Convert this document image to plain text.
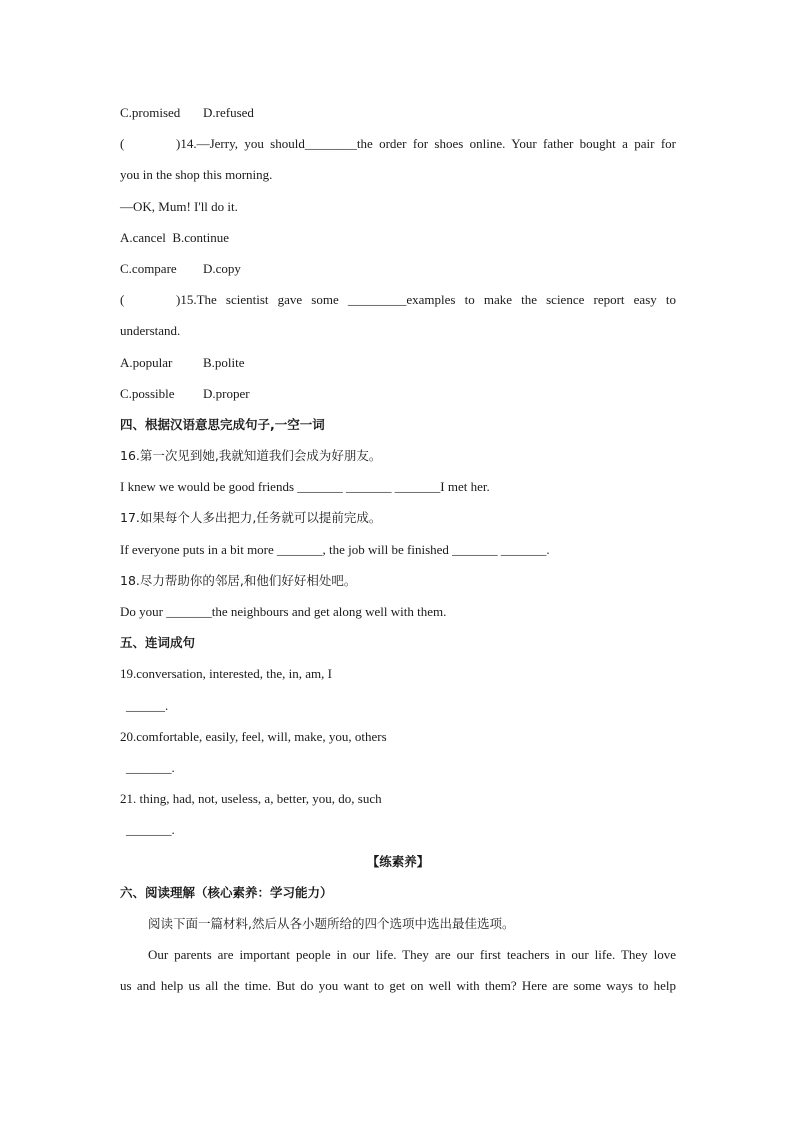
C.promised D.refused
(	)14.—Jerry, you should________the order for shoes online. Your father bought a pair for
you in the shop this morning.
—OK, Mum! I'll do it.
A.cancel B.continue
C.compare D.copy
(	)15.The scientist gave some _________examples to make the science report easy to
understand.
A.popular B.polite
C.possible D.proper
四、根据汉语意思完成句子,一空一词
16.第一次见到她,我就知道我们会成为好朋友。
I knew we would be good friends _______ _______ _______I met her.
17.如果每个人多出把力,任务就可以提前完成。
If everyone puts in a bit more _______, the job will be finished _______ _______.
18.尽力帮助你的邻居,和他们好好相处吧。
Do your _______the neighbours and get along well with them.
五、连词成句
19.conversation, interested, the, in, am, I
______.
20.comfortable, easily, feel, will, make, you, others
_______.
21. thing, had, not, useless, a, better, you, do, such
_______.
【练素养】
六、阅读理解（核心素养：学习能力）
阅读下面一篇材料,然后从各小题所给的四个选项中选出最佳选项。
Our parents are important people in our life. They are our first teachers in our life. They love
us and help us all the time. But do you want to get on well with them? Here are some ways to help
